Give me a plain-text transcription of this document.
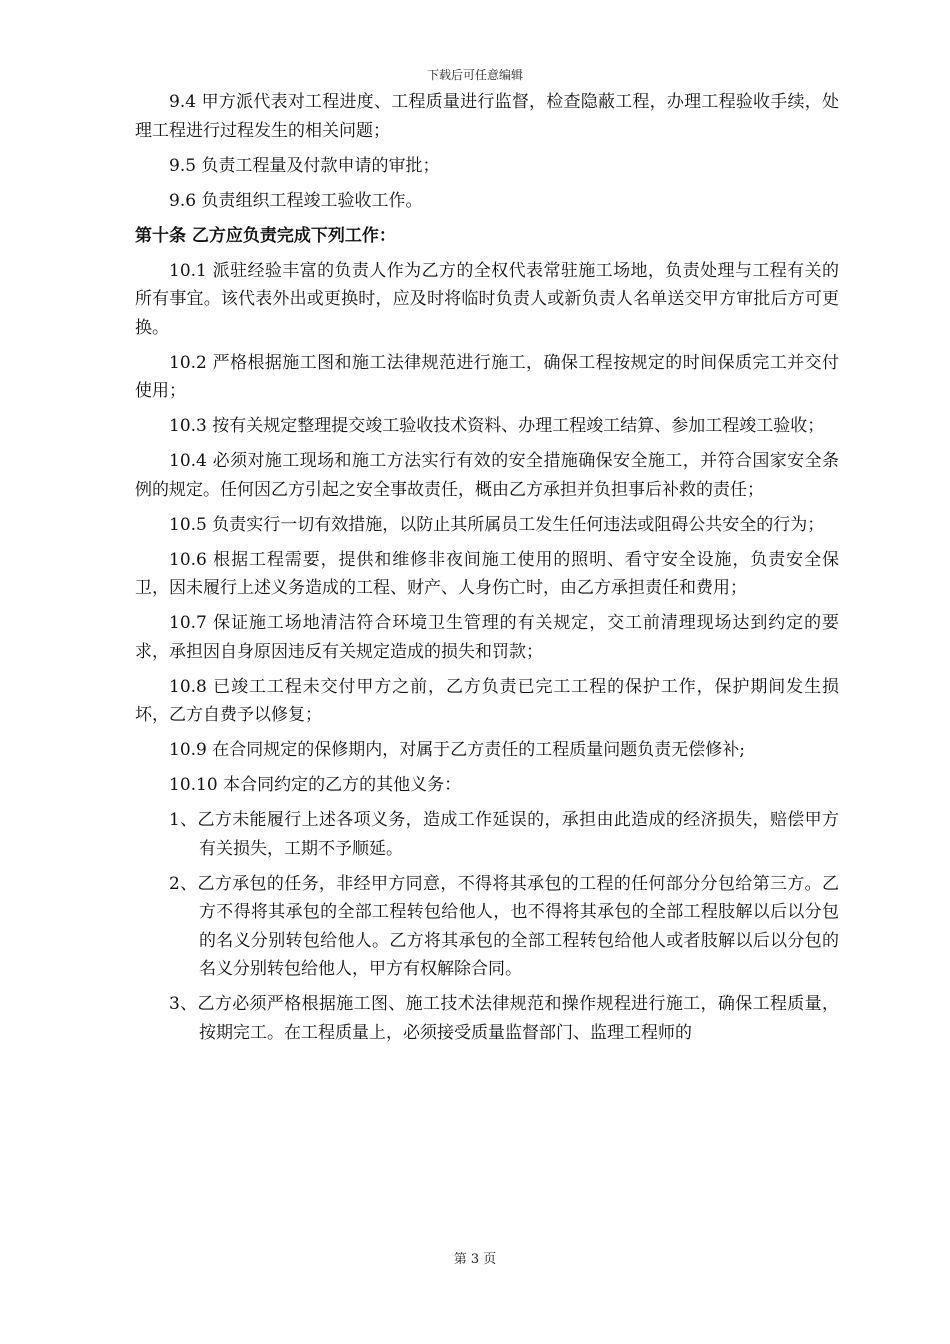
下载后可任意编辑

9.4 甲方派代表对工程进度、工程质量进行监督，检查隐蔽工程，办理工程验收手续，处理工程进行过程发生的相关问题；

9.5 负责工程量及付款申请的审批；

9.6 负责组织工程竣工验收工作。

第十条 乙方应负责完成下列工作：

10.1 派驻经验丰富的负责人作为乙方的全权代表常驻施工场地，负责处理与工程有关的所有事宜。该代表外出或更换时，应及时将临时负责人或新负责人名单送交甲方审批后方可更换。

10.2 严格根据施工图和施工法律规范进行施工，确保工程按规定的时间保质完工并交付使用；

10.3 按有关规定整理提交竣工验收技术资料、办理工程竣工结算、参加工程竣工验收；

10.4 必须对施工现场和施工方法实行有效的安全措施确保安全施工，并符合国家安全条例的规定。任何因乙方引起之安全事故责任，概由乙方承担并负担事后补救的责任；

10.5 负责实行一切有效措施，以防止其所属员工发生任何违法或阻碍公共安全的行为；

10.6 根据工程需要，提供和维修非夜间施工使用的照明、看守安全设施，负责安全保卫，因未履行上述义务造成的工程、财产、人身伤亡时，由乙方承担责任和费用；

10.7 保证施工场地清洁符合环境卫生管理的有关规定，交工前清理现场达到约定的要求，承担因自身原因违反有关规定造成的损失和罚款；

10.8 已竣工工程未交付甲方之前，乙方负责已完工工程的保护工作，保护期间发生损坏，乙方自费予以修复；

10.9 在合同规定的保修期内，对属于乙方责任的工程质量问题负责无偿修补;

10.10 本合同约定的乙方的其他义务：

1、乙方未能履行上述各项义务，造成工作延误的，承担由此造成的经济损失，赔偿甲方有关损失，工期不予顺延。

2、乙方承包的任务，非经甲方同意，不得将其承包的工程的任何部分分包给第三方。乙方不得将其承包的全部工程转包给他人，也不得将其承包的全部工程肢解以后以分包的名义分别转包给他人。乙方将其承包的全部工程转包给他人或者肢解以后以分包的名义分别转包给他人，甲方有权解除合同。

3、乙方必须严格根据施工图、施工技术法律规范和操作规程进行施工，确保工程质量，按期完工。在工程质量上，必须接受质量监督部门、监理工程师的

第 3 页
